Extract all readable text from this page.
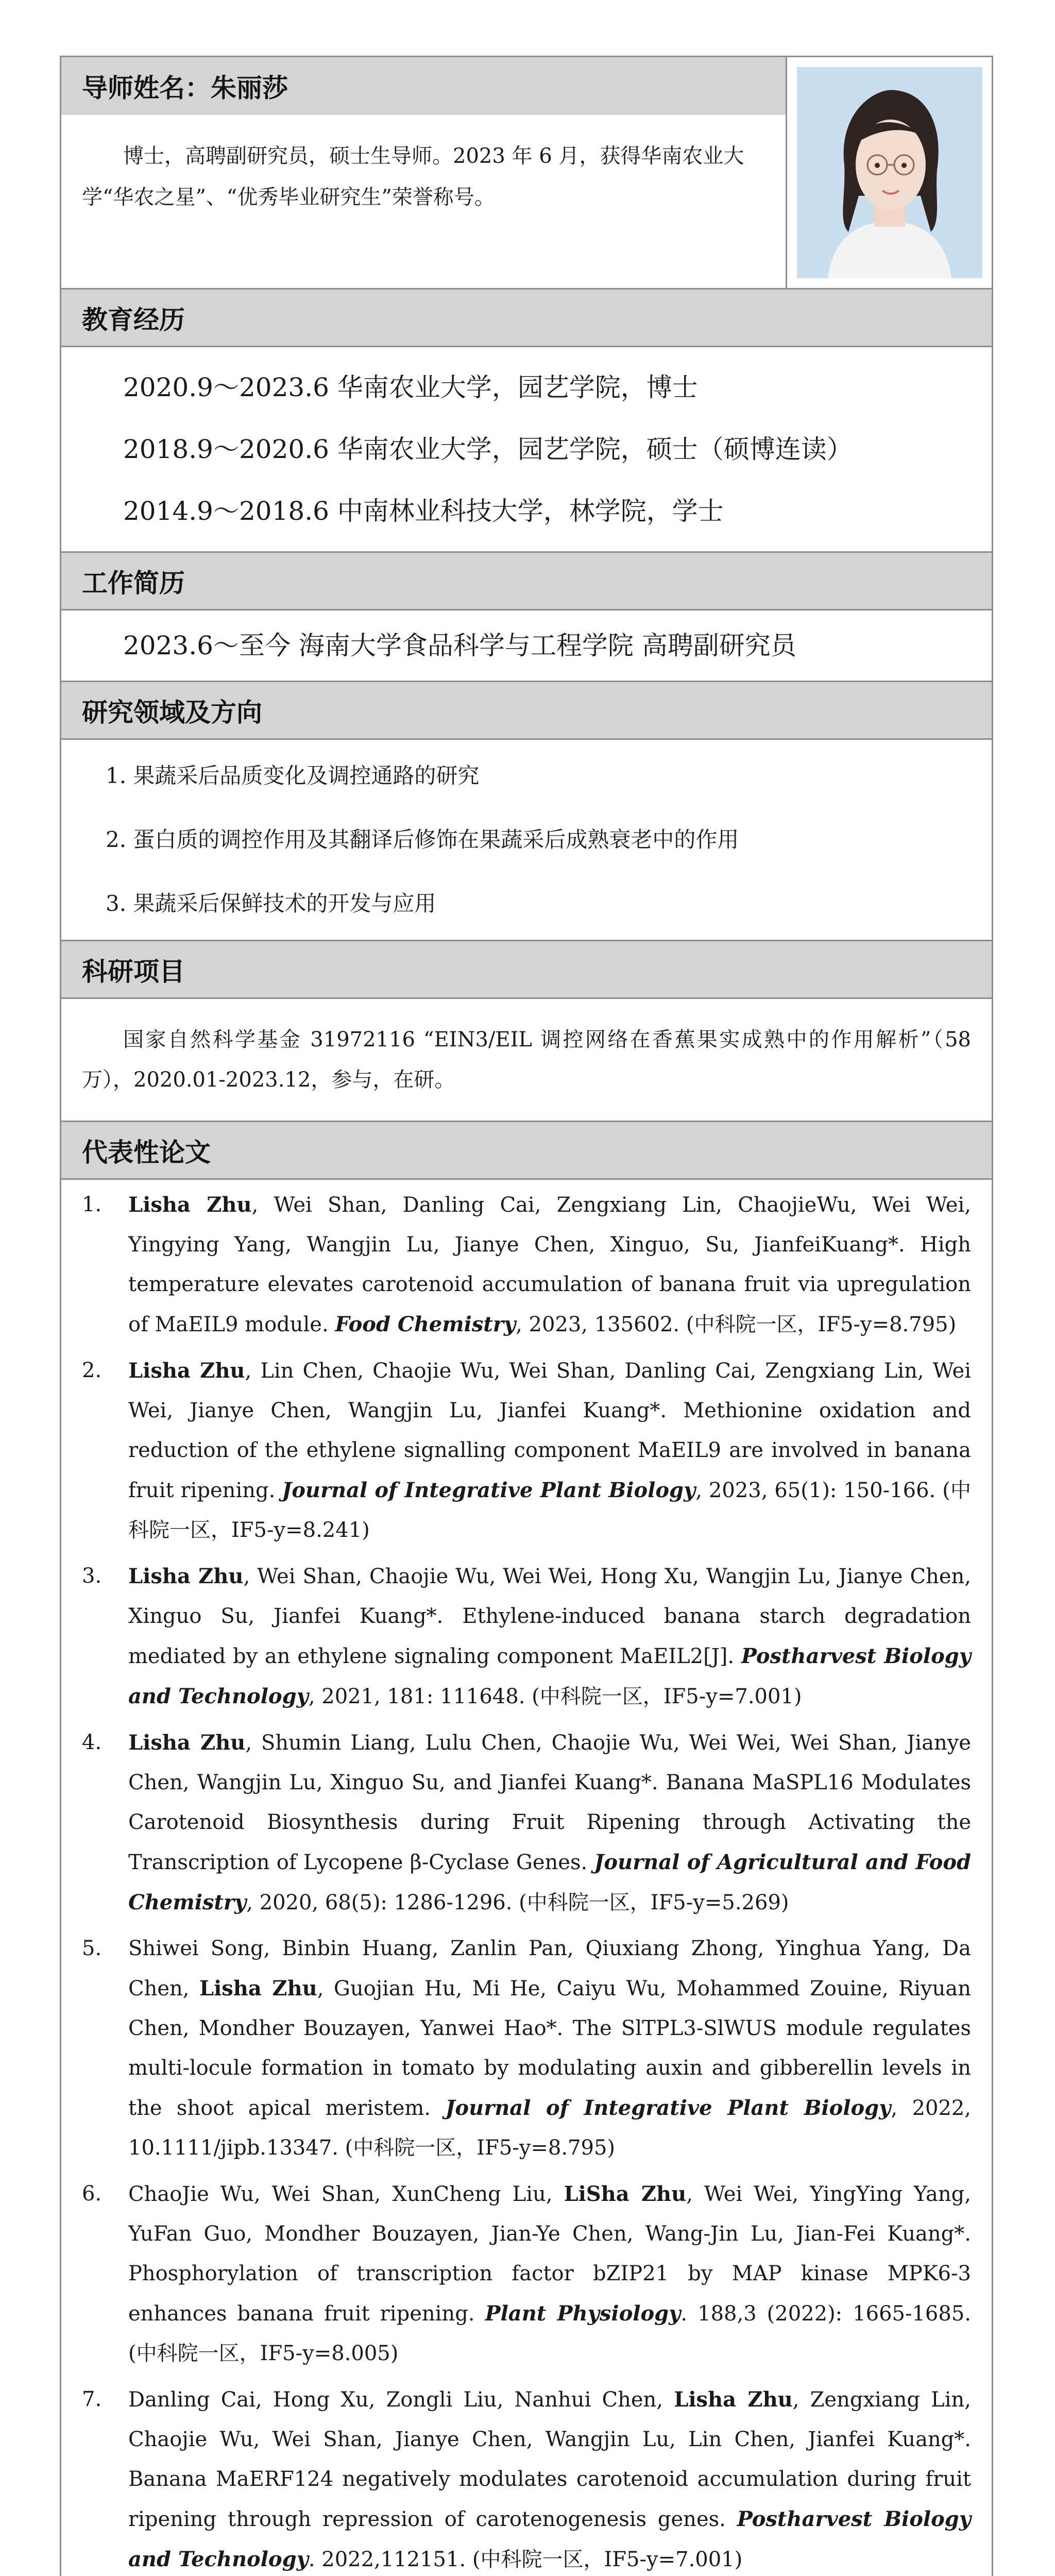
导师姓名：朱丽莎
博士，高聘副研究员，硕士生导师。2023 年 6 月，获得华南农业大学“华农之星”、“优秀毕业研究生”荣誉称号。
教育经历
2020.9～2023.6 华南农业大学，园艺学院，博士
2018.9～2020.6 华南农业大学，园艺学院，硕士（硕博连读）
2014.9～2018.6 中南林业科技大学，林学院，学士
工作简历
2023.6～至今 海南大学食品科学与工程学院 高聘副研究员
研究领域及方向
1. 果蔬采后品质变化及调控通路的研究
2. 蛋白质的调控作用及其翻译后修饰在果蔬采后成熟衰老中的作用
3. 果蔬采后保鲜技术的开发与应用
科研项目
国家自然科学基金 31972116 “EIN3/EIL 调控网络在香蕉果实成熟中的作用解析”（58 万），2020.01-2023.12，参与，在研。
代表性论文
1.	Lisha Zhu, Wei Shan, Danling Cai, Zengxiang Lin, ChaojieWu, Wei Wei, Yingying Yang, Wangjin Lu, Jianye Chen, Xinguo, Su, JianfeiKuang*. High temperature elevates carotenoid accumulation of banana fruit via upregulation of MaEIL9 module. Food Chemistry, 2023, 135602. (中科院一区，IF5-y=8.795)
2.	Lisha Zhu, Lin Chen, Chaojie Wu, Wei Shan, Danling Cai, Zengxiang Lin, Wei Wei, Jianye Chen, Wangjin Lu, Jianfei Kuang*. Methionine oxidation and reduction of the ethylene signalling component MaEIL9 are involved in banana fruit ripening. Journal of Integrative Plant Biology, 2023, 65(1): 150-166. (中科院一区，IF5-y=8.241)
3.	Lisha Zhu, Wei Shan, Chaojie Wu, Wei Wei, Hong Xu, Wangjin Lu, Jianye Chen, Xinguo Su, Jianfei Kuang*. Ethylene-induced banana starch degradation mediated by an ethylene signaling component MaEIL2[J]. Postharvest Biology and Technology, 2021, 181: 111648. (中科院一区，IF5-y=7.001)
4.	Lisha Zhu, Shumin Liang, Lulu Chen, Chaojie Wu, Wei Wei, Wei Shan, Jianye Chen, Wangjin Lu, Xinguo Su, and Jianfei Kuang*. Banana MaSPL16 Modulates Carotenoid Biosynthesis during Fruit Ripening through Activating the Transcription of Lycopene β-Cyclase Genes. Journal of Agricultural and Food Chemistry, 2020, 68(5): 1286-1296. (中科院一区，IF5-y=5.269)
5.	Shiwei Song, Binbin Huang, Zanlin Pan, Qiuxiang Zhong, Yinghua Yang, Da Chen, Lisha Zhu, Guojian Hu, Mi He, Caiyu Wu, Mohammed Zouine, Riyuan Chen, Mondher Bouzayen, Yanwei Hao*. The SlTPL3-SlWUS module regulates multi-locule formation in tomato by modulating auxin and gibberellin levels in the shoot apical meristem. Journal of Integrative Plant Biology, 2022, 10.1111/jipb.13347. (中科院一区，IF5-y=8.795)
6.	ChaoJie Wu, Wei Shan, XunCheng Liu, LiSha Zhu, Wei Wei, YingYing Yang, YuFan Guo, Mondher Bouzayen, Jian-Ye Chen, Wang-Jin Lu, Jian-Fei Kuang*. Phosphorylation of transcription factor bZIP21 by MAP kinase MPK6-3 enhances banana fruit ripening. Plant Physiology. 188,3 (2022): 1665-1685. (中科院一区，IF5-y=8.005)
7.	Danling Cai, Hong Xu, Zongli Liu, Nanhui Chen, Lisha Zhu, Zengxiang Lin, Chaojie Wu, Wei Shan, Jianye Chen, Wangjin Lu, Lin Chen, Jianfei Kuang*. Banana MaERF124 negatively modulates carotenoid accumulation during fruit ripening through repression of carotenogenesis genes. Postharvest Biology and Technology. 2022,112151. (中科院一区，IF5-y=7.001)
